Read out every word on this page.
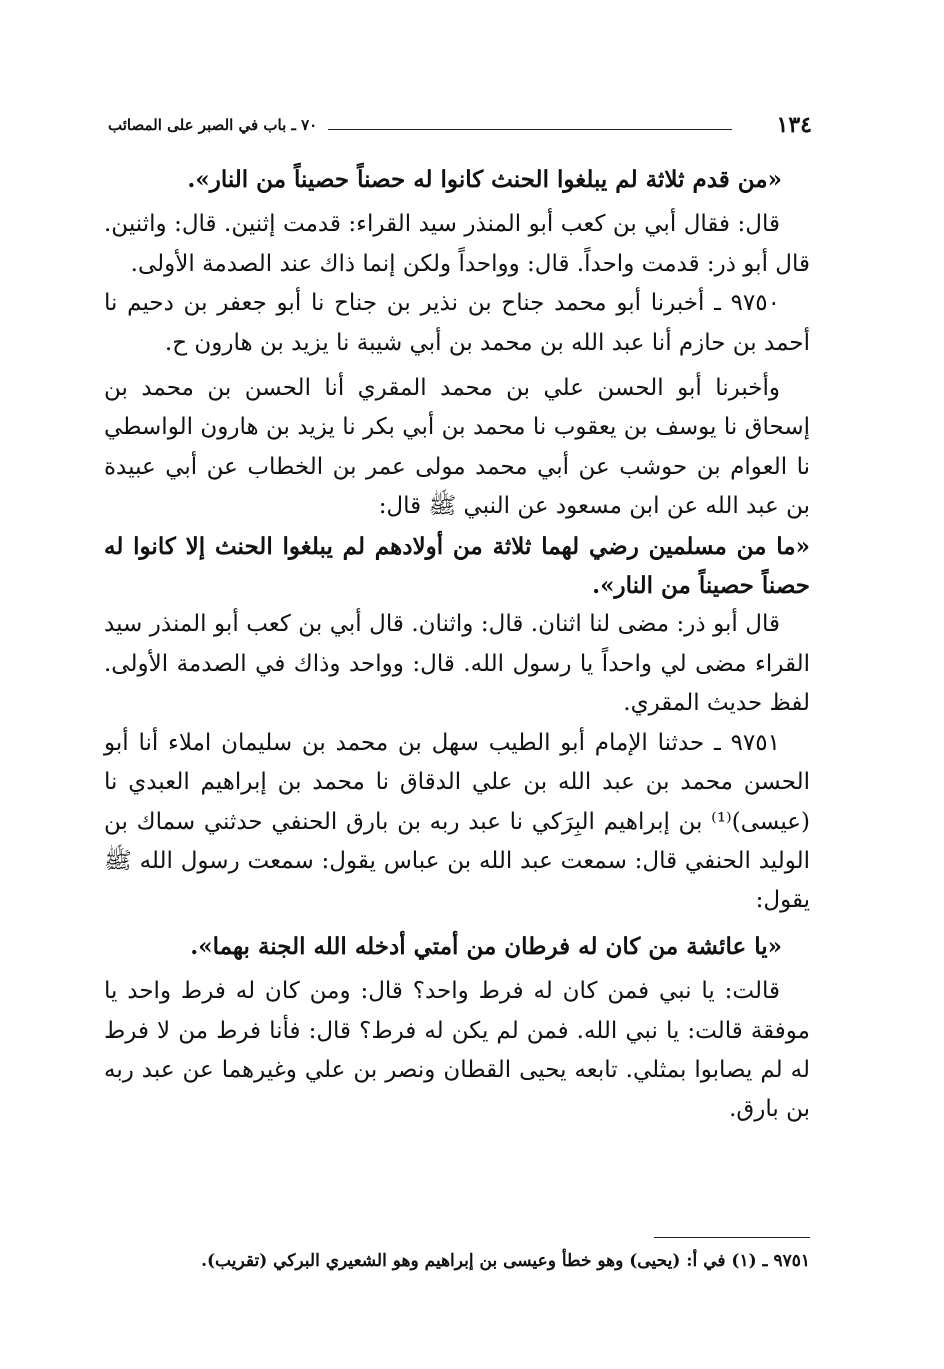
٧٠ ـ باب في الصبر على المصائب	١٣٤

«من قدم ثلاثة لم يبلغوا الحنث كانوا له حصناً حصيناً من النار».

قال: فقال أبي بن كعب أبو المنذر سيد القراء: قدمت إثنين. قال: واثنين. قال أبو ذر: قدمت واحداً. قال: وواحداً ولكن إنما ذاك عند الصدمة الأولى.

٩٧٥٠ ـ أخبرنا أبو محمد جناح بن نذير بن جناح نا أبو جعفر بن دحيم نا أحمد بن حازم أنا عبد الله بن محمد بن أبي شيبة نا يزيد بن هارون ح.

وأخبرنا أبو الحسن علي بن محمد المقري أنا الحسن بن محمد بن إسحاق نا يوسف بن يعقوب نا محمد بن أبي بكر نا يزيد بن هارون الواسطي نا العوام بن حوشب عن أبي محمد مولى عمر بن الخطاب عن أبي عبيدة بن عبد الله عن ابن مسعود عن النبي ﷺ قال:

«ما من مسلمين رضي لهما ثلاثة من أولادهم لم يبلغوا الحنث إلا كانوا له حصناً حصيناً من النار».

قال أبو ذر: مضى لنا اثنان. قال: واثنان. قال أبي بن كعب أبو المنذر سيد القراء مضى لي واحداً يا رسول الله. قال: وواحد وذاك في الصدمة الأولى. لفظ حديث المقري.

٩٧٥١ ـ حدثنا الإمام أبو الطيب سهل بن محمد بن سليمان املاء أنا أبو الحسن محمد بن عبد الله بن علي الدقاق نا محمد بن إبراهيم العبدي نا (عيسى)⁽¹⁾ بن إبراهيم البِرَكي نا عبد ربه بن بارق الحنفي حدثني سماك بن الوليد الحنفي قال: سمعت عبد الله بن عباس يقول: سمعت رسول الله ﷺ يقول:

«يا عائشة من كان له فرطان من أمتي أدخله الله الجنة بهما».

قالت: يا نبي فمن كان له فرط واحد؟ قال: ومن كان له فرط واحد يا موفقة قالت: يا نبي الله. فمن لم يكن له فرط؟ قال: فأنا فرط من لا فرط له لم يصابوا بمثلي. تابعه يحيى القطان ونصر بن علي وغيرهما عن عبد ربه بن بارق.

٩٧٥١ ـ (١) في أ: (يحيى) وهو خطأ وعيسى بن إبراهيم وهو الشعيري البركي (تقريب).
